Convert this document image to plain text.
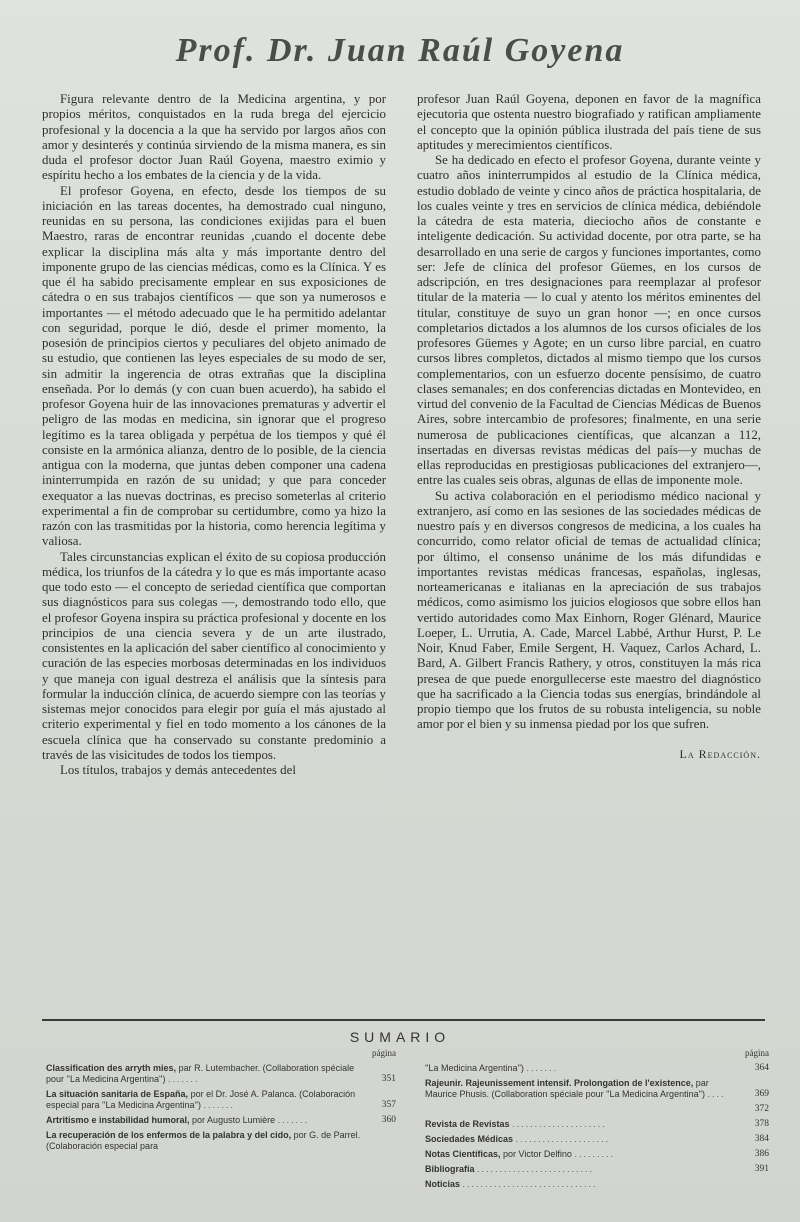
Prof. Dr. Juan Raúl Goyena

Figura relevante dentro de la Medicina argentina, y por propios méritos, conquistados en la ruda brega del ejercicio profesional y la docencia a la que ha servido por largos años con amor y desinterés y continúa sirviendo de la misma manera, es sin duda el profesor doctor Juan Raúl Goyena, maestro eximio y espíritu hecho a los embates de la ciencia y de la vida.

El profesor Goyena, en efecto, desde los tiempos de su iniciación en las tareas docentes, ha demostrado cual ninguno, reunidas en su persona, las condiciones exijidas para el buen Maestro, raras de encontrar reunidas ,cuando el docente debe explicar la disciplina más alta y más importante dentro del imponente grupo de las ciencias médicas, como es la Clínica. Y es que él ha sabido precisamente emplear en sus exposiciones de cátedra o en sus trabajos científicos — que son ya numerosos e importantes — el método adecuado que le ha permitido adelantar con seguridad, porque le dió, desde el primer momento, la posesión de principios ciertos y peculiares del objeto animado de su estudio, que contienen las leyes especiales de su modo de ser, sin admitir la ingerencia de otras extrañas que la disciplina enseñada. Por lo demás (y con cuan buen acuerdo), ha sabido el profesor Goyena huir de las innovaciones prematuras y advertir el peligro de las modas en medicina, sin ignorar que el progreso legítimo es la tarea obligada y perpétua de los tiempos y qué él consiste en la armónica alianza, dentro de lo posible, de la ciencia antigua con la moderna, que juntas deben componer una cadena ininterrumpida en razón de su unidad; y que para conceder exequator a las nuevas doctrinas, es preciso someterlas al criterio experimental a fin de comprobar su certidumbre, como ya hizo la razón con las trasmitidas por la historia, como herencia legítima y valiosa.

Tales circunstancias explican el éxito de su copiosa producción médica, los triunfos de la cátedra y lo que es más importante acaso que todo esto — el concepto de seriedad científica que comportan sus diagnósticos para sus colegas —, demostrando todo ello, que el profesor Goyena inspira su práctica profesional y docente en los principios de una ciencia severa y de un arte ilustrado, consistentes en la aplicación del saber científico al conocimiento y curación de las especies morbosas determinadas en los individuos y que maneja con igual destreza el análisis que la síntesis para formular la inducción clínica, de acuerdo siempre con las teorías y sistemas mejor conocidos para elegir por guía el más ajustado al criterio experimental y fiel en todo momento a los cánones de la escuela clínica que ha conservado su constante predominio a través de las visicitudes de todos los tiempos.

Los títulos, trabajos y demás antecedentes del

profesor Juan Raúl Goyena, deponen en favor de la magnífica ejecutoria que ostenta nuestro biografiado y ratifican ampliamente el concepto que la opinión pública ilustrada del país tiene de sus aptitudes y merecimientos científicos.

Se ha dedicado en efecto el profesor Goyena, durante veinte y cuatro años ininterrumpidos al estudio de la Clínica médica, estudio doblado de veinte y cinco años de práctica hospitalaria, de los cuales veinte y tres en servicios de clínica médica, debiéndole la cátedra de esta materia, dieciocho años de constante e inteligente dedicación. Su actividad docente, por otra parte, se ha desarrollado en una serie de cargos y funciones importantes, como ser: Jefe de clínica del profesor Güemes, en los cursos de adscripción, en tres designaciones para reemplazar al profesor titular de la materia — lo cual y atento los méritos eminentes del titular, constituye de suyo un gran honor —; en once cursos completarios dictados a los alumnos de los cursos oficiales de los profesores Güemes y Agote; en un curso libre parcial, en cuatro cursos libres completos, dictados al mismo tiempo que los cursos complementarios, con un esfuerzo docente pensísimo, de cuatro clases semanales; en dos conferencias dictadas en Montevideo, en virtud del convenio de la Facultad de Ciencias Médicas de Buenos Aires, sobre intercambio de profesores; finalmente, en una serie numerosa de publicaciones científicas, que alcanzan a 112, insertadas en diversas revistas médicas del país—y muchas de ellas reproducidas en prestigiosas publicaciones del extranjero—, entre las cuales seis obras, algunas de ellas de imponente mole.

Su activa colaboración en el periodismo médico nacional y extranjero, así como en las sesiones de las sociedades médicas de nuestro país y en diversos congresos de medicina, a los cuales ha concurrido, como relator oficial de temas de actualidad clínica; por último, el consenso unánime de los más difundidas e importantes revistas médicas francesas, españolas, inglesas, norteamericanas e italianas en la apreciación de sus trabajos médicos, como asimismo los juicios elogiosos que sobre ellos han vertido autoridades como Max Einhorn, Roger Glénard, Maurice Loeper, L. Urrutia, A. Cade, Marcel Labbé, Arthur Hurst, P. Le Noir, Knud Faber, Emile Sergent, H. Vaquez, Carlos Achard, L. Bard, A. Gilbert Francis Rathery, y otros, constituyen la más rica presea de que puede enorgullecerse este maestro del diagnóstico que ha sacrificado a la Ciencia todas sus energías, brindándole al propio tiempo que los frutos de su robusta inteligencia, su noble amor por el bien y su inmensa piedad por los que sufren.

La Redacción.
SUMARIO
página
Classification des arryth mies, par R. Lutembacher. (Collaboration spéciale pour ''La Medicina Argentina'') .......	351
La situación sanitaria de España, por el Dr. José A. Palanca. (Colaboración especial para ''La Medicina Argentina'') .......	357
Artritismo e instabilidad humoral, por Augusto Lumière .......	360
La recuperación de los enfermos de la palabra y del cido, por G. de Parrel. (Colaboración especial para
página
''La Medicina Argentina'') .......	364
Rajeunir. Rajeunissement intensif. Prolongation de l'existence, par Maurice Phusis. (Collaboration spéciale pour ''La Medicina Argentina'') ....	369

372
Revista de Revistas .....................	378
Sociedades Médicas .....................	384
Notas Científicas, por Victor Delfino .........	386
Bibliografía ..........................	391
Noticias ..............................
